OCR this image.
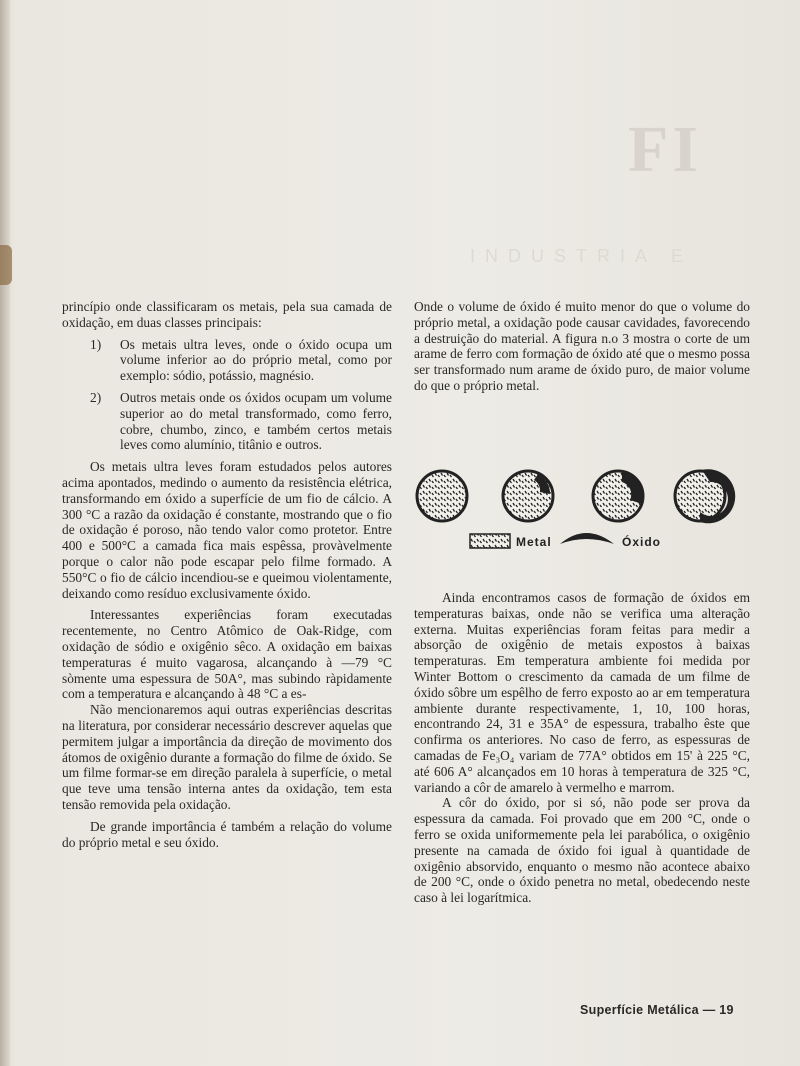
FI
INDUSTRIA E

princípio onde classificaram os metais, pela sua camada de oxidação, em duas classes principais:

1)	Os metais ultra leves, onde o óxido ocupa um volume inferior ao do próprio metal, como por exemplo: sódio, potássio, magnésio.
2)	Outros metais onde os óxidos ocupam um volume superior ao do metal transformado, como ferro, cobre, chumbo, zinco, e também certos metais leves como alumínio, titânio e outros.

Os metais ultra leves foram estudados pelos autores acima apontados, medindo o aumento da resistência elétrica, transformando em óxido a superfície de um fio de cálcio. A 300 °C a razão da oxidação é constante, mostrando que o fio de oxidação é poroso, não tendo valor como protetor. Entre 400 e 500°C a camada fica mais espêssa, provàvelmente porque o calor não pode escapar pelo filme formado. A 550°C o fio de cálcio incendiou-se e queimou violentamente, deixando como resíduo exclusivamente óxido.

Interessantes experiências foram executadas recentemente, no Centro Atômico de Oak-Ridge, com oxidação de sódio e oxigênio sêco. A oxidação em baixas temperaturas é muito vagarosa, alcançando à —79 °C sòmente uma espessura de 50A°, mas subindo ràpidamente com a temperatura e alcançando à 48 °C a es-

Não mencionaremos aqui outras experiências descritas na literatura, por considerar necessário descrever aquelas que permitem julgar a importância da direção de movimento dos átomos de oxigênio durante a formação do filme de óxido. Se um filme formar-se em direção paralela à superfície, o metal que teve uma tensão interna antes da oxidação, tem esta tensão removida pela oxidação.

De grande importância é também a relação do volume do próprio metal e seu óxido.

Onde o volume de óxido é muito menor do que o volume do próprio metal, a oxidação pode causar cavidades, favorecendo a destruição do material. A figura n.o 3 mostra o corte de um arame de ferro com formação de óxido até que o mesmo possa ser transformado num arame de óxido puro, de maior volume do que o próprio metal.

Metal	Óxido

Ainda encontramos casos de formação de óxidos em temperaturas baixas, onde não se verifica uma alteração externa. Muitas experiências foram feitas para medir a absorção de oxigênio de metais expostos à baixas temperaturas. Em temperatura ambiente foi medida por Winter Bottom o crescimento da camada de um filme de óxido sôbre um espêlho de ferro exposto ao ar em temperatura ambiente durante respectivamente, 1, 10, 100 horas, encontrando 24, 31 e 35A° de espessura, trabalho êste que confirma os anteriores. No caso de ferro, as espessuras de camadas de Fe₃O₄ variam de 77A° obtidos em 15' à 225 °C, até 606 A° alcançados em 10 horas à temperatura de 325 °C, variando a côr de amarelo à vermelho e marrom.

A côr do óxido, por si só, não pode ser prova da espessura da camada. Foi provado que em 200 °C, onde o ferro se oxida uniformemente pela lei parabólica, o oxigênio presente na camada de óxido foi igual à quantidade de oxigênio absorvido, enquanto o mesmo não acontece abaixo de 200 °C, onde o óxido penetra no metal, obedecendo neste caso à lei logarítmica.

Superfície Metálica — 19
